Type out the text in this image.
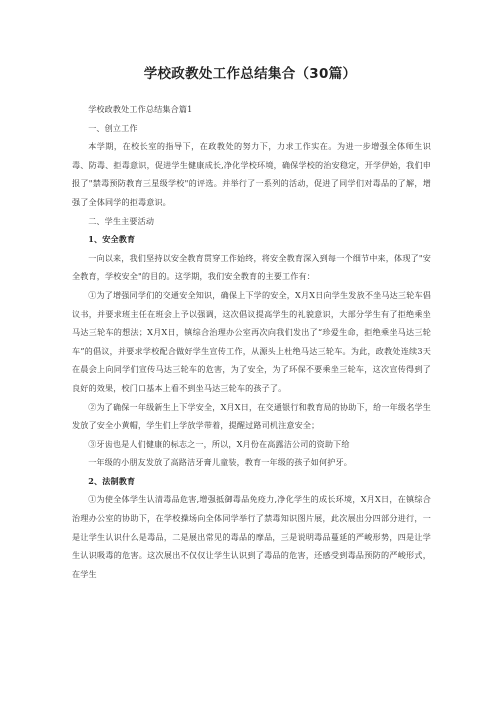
学校政教处工作总结集合（30篇）

学校政教处工作总结集合篇1

一、创立工作

本学期，在校长室的指导下，在政教处的努力下，力求工作实在。为进一步增强全体师生识毒、防毒、拒毒意识，促进学生健康成长,净化学校环境，确保学校的治安稳定，开学伊始，我们申报了"禁毒预防教育三星级学校"的评选。并举行了一系列的活动，促进了同学们对毒品的了解，增强了全体同学的拒毒意识。

二、学生主要活动

1、安全教育

一向以来，我们坚持以安全教育贯穿工作始终，将安全教育深入到每一个细节中来，体现了"安全教育，学校安全"的目的。这学期，我们安全教育的主要工作有：

①为了增强同学们的交通安全知识，确保上下学的安全，X月X日向学生发放不坐马达三轮车倡议书，并要求班主任在班会上予以强调，这次倡议提高学生的礼貌意识，大部分学生有了拒绝乘坐马达三轮车的想法；X月X日，镇综合治理办公室再次向我们发出了“珍爱生命，拒绝乘坐马达三轮车”的倡议，并要求学校配合做好学生宣传工作，从源头上杜绝马达三轮车。为此，政教处连续3天在晨会上向同学们宣传马达三轮车的危害，为了安全，为了环保不要乘坐三轮车，这次宣传得到了良好的效果，校门口基本上看不到坐马达三轮车的孩子了。

②为了确保一年级新生上下学安全，X月X日，在交通银行和教育局的协助下，给一年级名学生发放了安全小黄帽，学生们上学放学带着，提醒过路司机注意安全；

③牙齿也是人们健康的标志之一，所以，X月份在高露洁公司的资助下给

一年级的小朋友发放了高路洁牙膏儿童装，教育一年级的孩子如何护牙。

2、法制教育

①为使全体学生认清毒品危害,增强抵御毒品免疫力,净化学生的成长环境，X月X日，在镇综合治理办公室的协助下，在学校操场向全体同学举行了禁毒知识图片展，此次展出分四部分进行，一是让学生认识什么是毒品，二是展出常见的毒品的摩品，三是说明毒品蔓延的严峻形势，四是让学生认识吸毒的危害。这次展出不仅仅让学生认识到了毒品的危害，还感受到毒品预防的严峻形式，在学生
